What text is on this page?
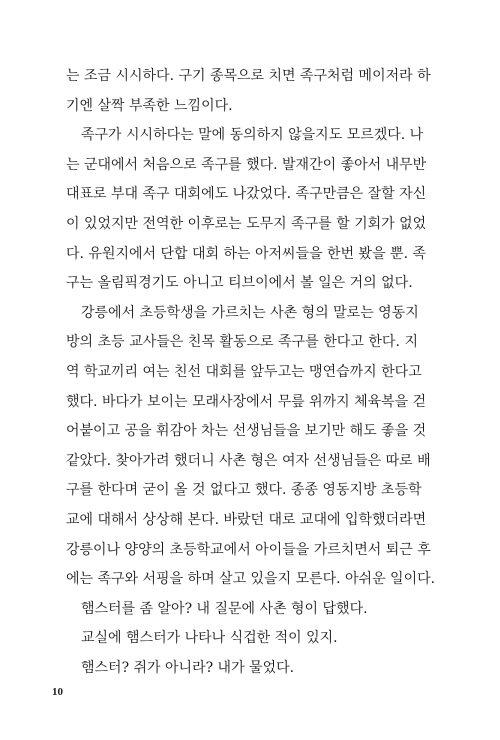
는 조금 시시하다. 구기 종목으로 치면 족구처럼 메이저라 하
기엔 살짝 부족한 느낌이다.
족구가 시시하다는 말에 동의하지 않을지도 모르겠다. 나
는 군대에서 처음으로 족구를 했다. 발재간이 좋아서 내무반
대표로 부대 족구 대회에도 나갔었다. 족구만큼은 잘할 자신
이 있었지만 전역한 이후로는 도무지 족구를 할 기회가 없었
다. 유원지에서 단합 대회 하는 아저씨들을 한번 봤을 뿐. 족
구는 올림픽경기도 아니고 티브이에서 볼 일은 거의 없다.
강릉에서 초등학생을 가르치는 사촌 형의 말로는 영동지
방의 초등 교사들은 친목 활동으로 족구를 한다고 한다. 지
역 학교끼리 여는 친선 대회를 앞두고는 맹연습까지 한다고
했다. 바다가 보이는 모래사장에서 무릎 위까지 체육복을 걷
어붙이고 공을 휘감아 차는 선생님들을 보기만 해도 좋을 것
같았다. 찾아가려 했더니 사촌 형은 여자 선생님들은 따로 배
구를 한다며 굳이 올 것 없다고 했다. 종종 영동지방 초등학
교에 대해서 상상해 본다. 바랐던 대로 교대에 입학했더라면
강릉이나 양양의 초등학교에서 아이들을 가르치면서 퇴근 후
에는 족구와 서핑을 하며 살고 있을지 모른다. 아쉬운 일이다.
햄스터를 좀 알아? 내 질문에 사촌 형이 답했다.
교실에 햄스터가 나타나 식겁한 적이 있지.
햄스터? 쥐가 아니라? 내가 물었다.
10
